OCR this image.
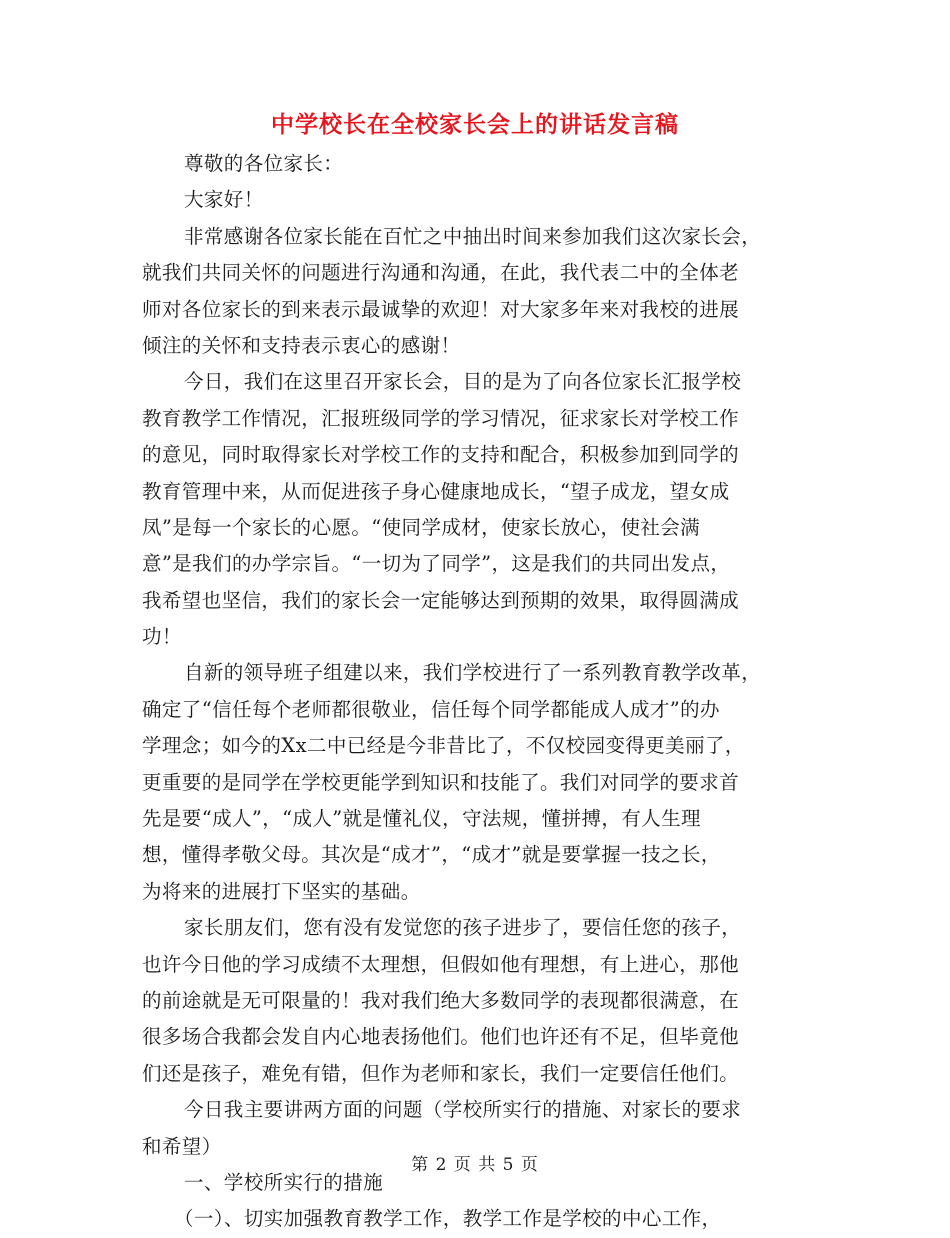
中学校长在全校家长会上的讲话发言稿
尊敬的各位家长：
大家好！
非常感谢各位家长能在百忙之中抽出时间来参加我们这次家长会，
就我们共同关怀的问题进行沟通和沟通，在此，我代表二中的全体老
师对各位家长的到来表示最诚挚的欢迎！对大家多年来对我校的进展
倾注的关怀和支持表示衷心的感谢！
今日，我们在这里召开家长会，目的是为了向各位家长汇报学校
教育教学工作情况，汇报班级同学的学习情况，征求家长对学校工作
的意见，同时取得家长对学校工作的支持和配合，积极参加到同学的
教育管理中来，从而促进孩子身心健康地成长，“望子成龙，望女成
凤”是每一个家长的心愿。“使同学成材，使家长放心，使社会满
意”是我们的办学宗旨。“一切为了同学”，这是我们的共同出发点，
我希望也坚信，我们的家长会一定能够达到预期的效果，取得圆满成
功！
自新的领导班子组建以来，我们学校进行了一系列教育教学改革，
确定了“信任每个老师都很敬业，信任每个同学都能成人成才”的办
学理念；如今的Xx二中已经是今非昔比了，不仅校园变得更美丽了，
更重要的是同学在学校更能学到知识和技能了。我们对同学的要求首
先是要“成人”，“成人”就是懂礼仪，守法规，懂拼搏，有人生理
想，懂得孝敬父母。其次是“成才”，“成才”就是要掌握一技之长，
为将来的进展打下坚实的基础。
家长朋友们，您有没有发觉您的孩子进步了，要信任您的孩子，
也许今日他的学习成绩不太理想，但假如他有理想，有上进心，那他
的前途就是无可限量的！我对我们绝大多数同学的表现都很满意，在
很多场合我都会发自内心地表扬他们。他们也许还有不足，但毕竟他
们还是孩子，难免有错，但作为老师和家长，我们一定要信任他们。
今日我主要讲两方面的问题（学校所实行的措施、对家长的要求
和希望）
一、学校所实行的措施
（一）、切实加强教育教学工作，教学工作是学校的中心工作，
第 2 页 共 5 页
